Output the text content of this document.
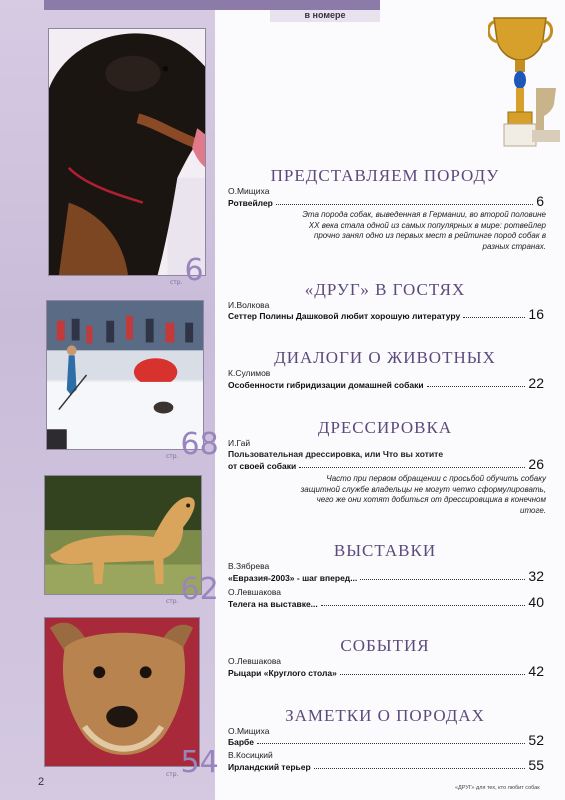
в номере
стр.6
стр.68
стр.62
стр.54
ПРЕДСТАВЛЯЕМ ПОРОДУ
О.Мищиха
Ротвейлер	6
Эта порода собак, выведенная в Германии, во второй половине XX века стала одной из самых популярных в мире: ротвейлер прочно занял одно из первых мест в рейтинге пород собак в разных странах.
«ДРУГ» В ГОСТЯХ
И.Волкова
Сеттер Полины Дашковой любит хорошую литературу	16
ДИАЛОГИ О ЖИВОТНЫХ
К.Сулимов
Особенности гибридизации домашней собаки	22
ДРЕССИРОВКА
И.Гай
Пользовательная дрессировка, или Что вы хотите
от своей собаки	26
Часто при первом обращении с просьбой обучить собаку защитной службе владельцы не могут четко сформулировать, чего же они хотят добиться от дрессировщика в конечном итоге.
ВЫСТАВКИ
В.Зябрева
«Евразия-2003» - шаг вперед...	32
О.Левшакова
Телега на выставке...	40
СОБЫТИЯ
О.Левшакова
Рыцари «Круглого стола»	42
ЗАМЕТКИ О ПОРОДАХ
О.Мищиха
Барбе	52
В.Косицкий
Ирландский терьер	55
2	«ДРУГ» для тех, кто любит собак
